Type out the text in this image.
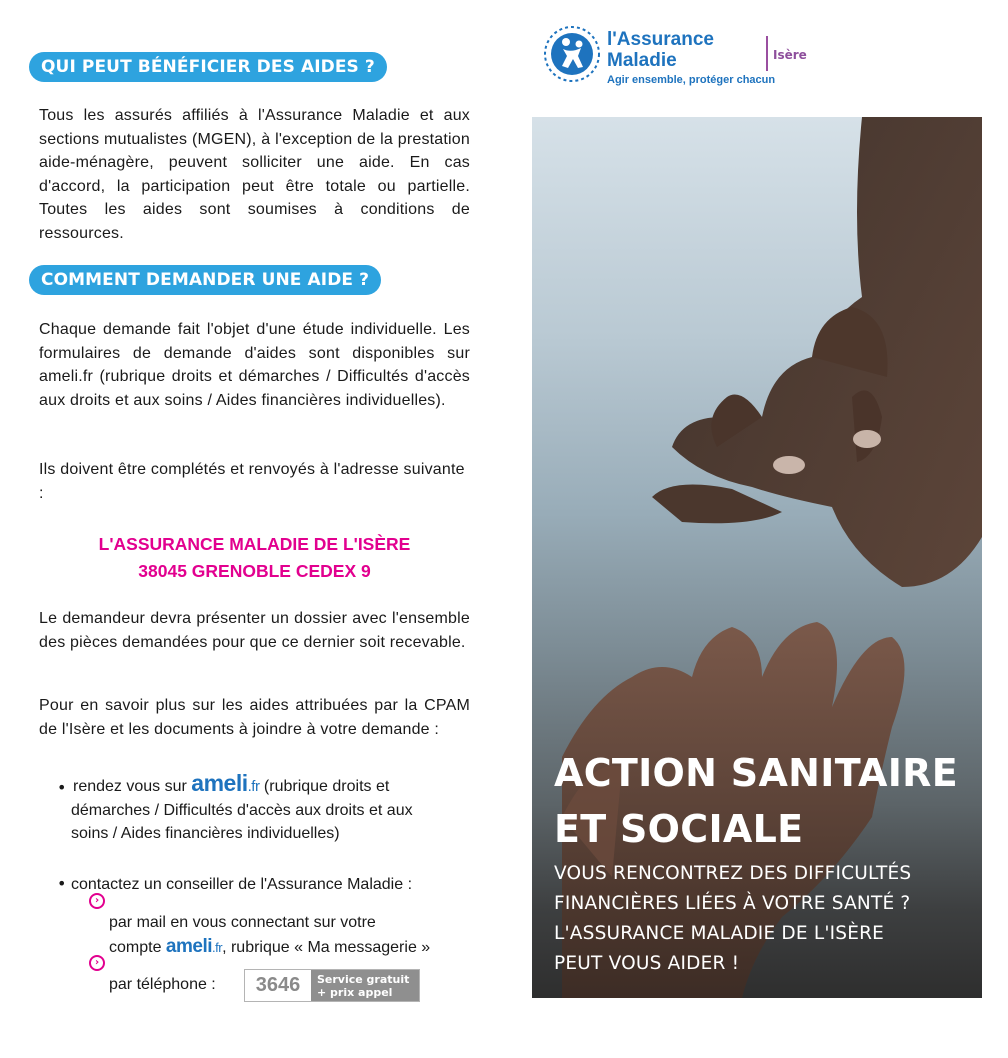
QUI PEUT BÉNÉFICIER DES AIDES ?
Tous les assurés affiliés à l'Assurance Maladie et aux sections mutualistes (MGEN), à l'exception de la prestation aide-ménagère, peuvent solliciter une aide. En cas d'accord, la participation peut être totale ou partielle. Toutes les aides sont soumises à conditions de ressources.
COMMENT DEMANDER UNE AIDE ?
Chaque demande fait l'objet d'une étude individuelle. Les formulaires de demande d'aides sont disponibles sur ameli.fr (rubrique droits et démarches / Difficultés d'accès aux droits et aux soins / Aides financières individuelles).
Ils doivent être complétés et renvoyés à l'adresse suivante :
L'ASSURANCE MALADIE DE L'ISÈRE
38045 GRENOBLE CEDEX 9
Le demandeur devra présenter un dossier avec l'ensemble des pièces demandées pour que ce dernier soit recevable.
Pour en savoir plus sur les aides attribuées par la CPAM de l'Isère et les documents à joindre à votre demande :
• rendez vous sur ameli.fr (rubrique droits et
démarches / Difficultés d'accès aux droits et aux
soins / Aides financières individuelles)
• contactez un conseiller de l'Assurance Maladie :
›
par mail en vous connectant sur votre
compte ameli.fr, rubrique « Ma messagerie »
›
par téléphone :	3646	Service gratuit
+ prix appel
l'Assurance
Maladie
Agir ensemble, protéger chacun
Isère
ACTION SANITAIRE
ET SOCIALE
VOUS RENCONTREZ DES DIFFICULTÉS
FINANCIÈRES LIÉES À VOTRE SANTÉ ?
L'ASSURANCE MALADIE DE L'ISÈRE
PEUT VOUS AIDER !
